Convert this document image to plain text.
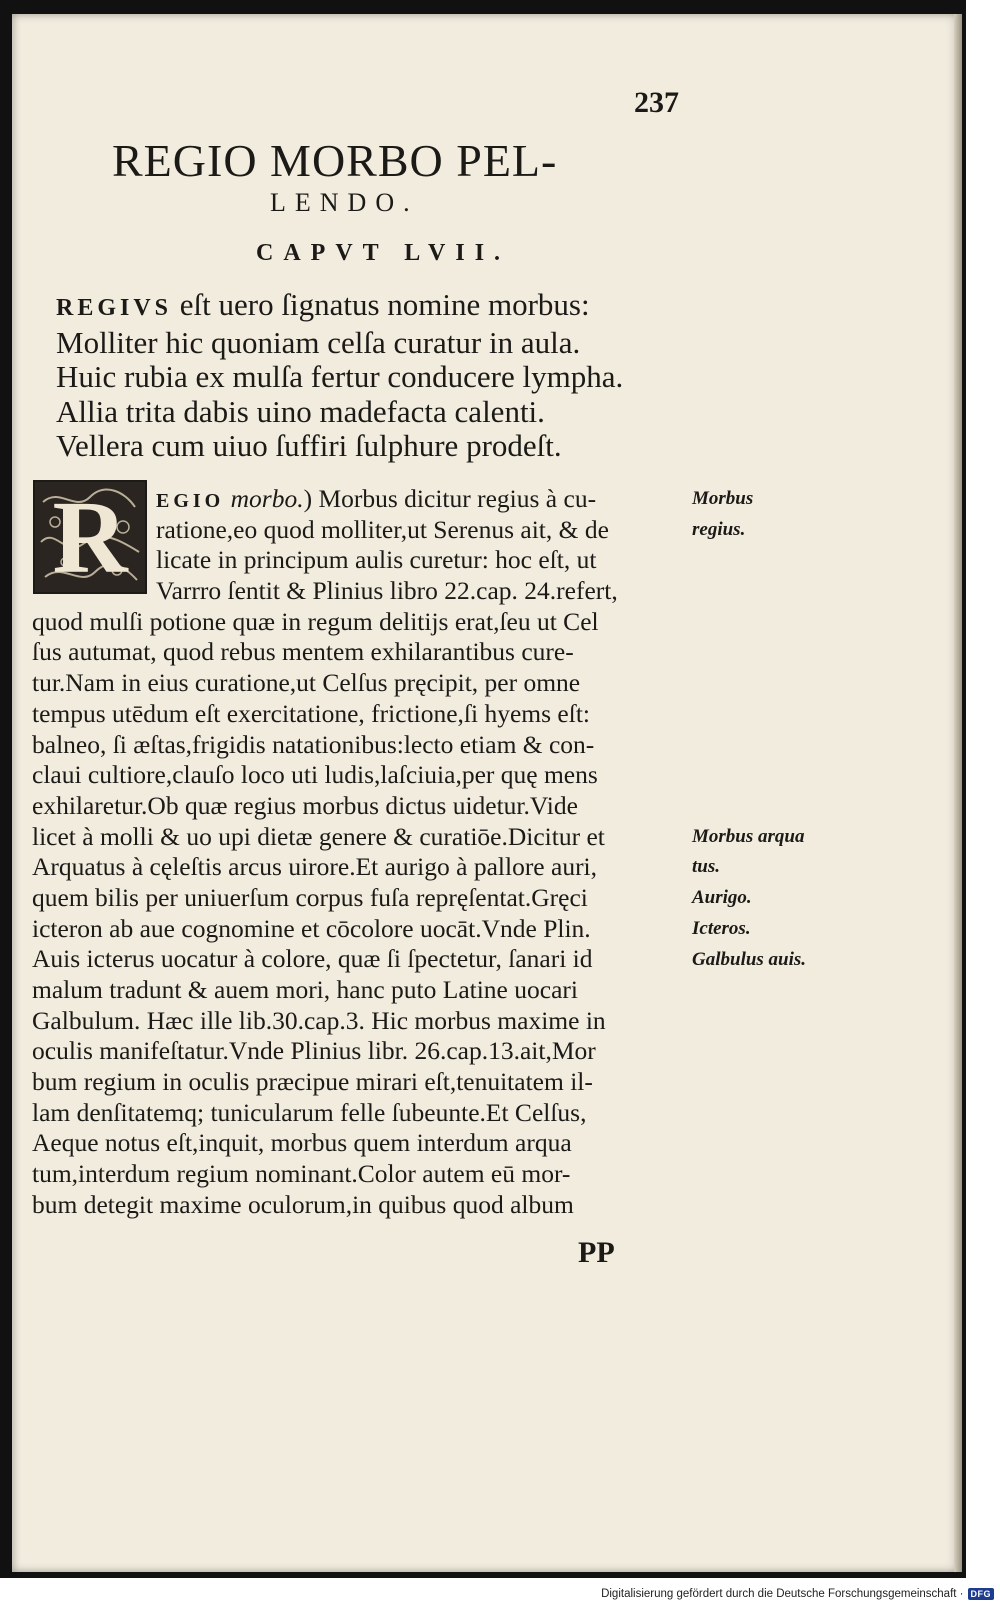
237
REGIO MORBO PEL-
LENDO.
CAPVT LVII.
REGIVS eſt uero ſignatus nomine morbus:
Molliter hic quoniam celſa curatur in aula.
Huic rubia ex mulſa fertur conducere lympha.
Allia trita dabis uino madefacta calenti.
Vellera cum uiuo ſuffiri ſulphure prodeſt.
R	EGIO morbo.) Morbus dicitur regius à cu-
ratione,eo quod molliter,ut Serenus ait, & de
licate in principum aulis curetur: hoc eſt, ut
Varrro ſentit & Plinius libro 22.cap. 24.refert,
quod mulſi potione quæ in regum delitijs erat,ſeu ut Cel
ſus autumat, quod rebus mentem exhilarantibus cure-
tur.Nam in eius curatione,ut Celſus pręcipit, per omne
tempus utēdum eſt exercitatione, frictione,ſi hyems eſt:
balneo, ſi æſtas,frigidis natationibus:lecto etiam & con-
claui cultiore,clauſo loco uti ludis,laſciuia,per quę mens
exhilaretur.Ob quæ regius morbus dictus uidetur.Vide
licet à molli & uo upi dietæ genere & curatiōe.Dicitur et
Arquatus à cęleſtis arcus uirore.Et aurigo à pallore auri,
quem bilis per uniuerſum corpus fuſa repręſentat.Gręci
icteron ab aue cognomine et cōcolore uocāt.Vnde Plin.
Auis icterus uocatur à colore, quæ ſi ſpectetur, ſanari id
malum tradunt & auem mori, hanc puto Latine uocari
Galbulum. Hæc ille lib.30.cap.3. Hic morbus maxime in
oculis manifeſtatur.Vnde Plinius libr. 26.cap.13.ait,Mor
bum regium in oculis præcipue mirari eſt,tenuitatem il-
lam denſitatemq; tunicularum felle ſubeunte.Et Celſus,
Aeque notus eſt,inquit, morbus quem interdum arqua
tum,interdum regium nominant.Color autem eū mor-
bum detegit maxime oculorum,in quibus quod album
Morbus
regius.
Morbus arqua
tus.
Aurigo.
Icteros.
Galbulus auis.
PP
Digitalisierung gefördert durch die Deutsche Forschungsgemeinschaft · DFG
